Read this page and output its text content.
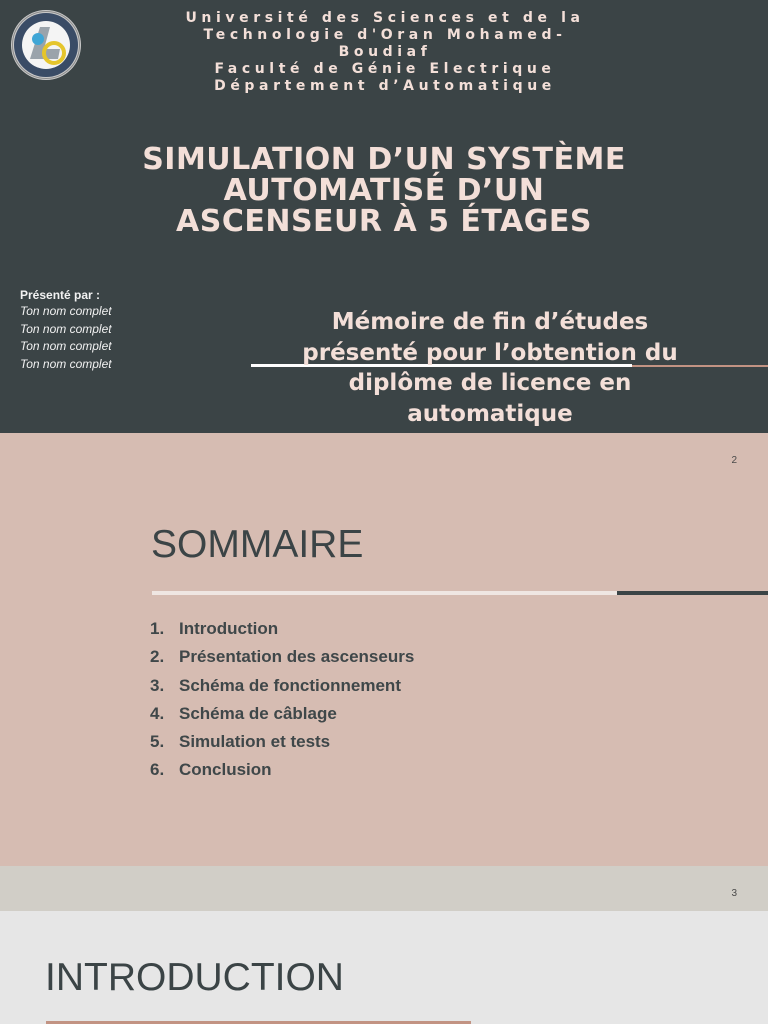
Université des Sciences et de la
Technologie d'Oran Mohamed-
Boudiaf
Faculté de Génie Electrique
Département d’Automatique
SIMULATION D’UN SYSTÈME
AUTOMATISÉ D’UN
ASCENSEUR À 5 ÉTAGES
Présenté par :
Ton nom complet
Ton nom complet
Ton nom complet
Ton nom complet
Mémoire de fin d’études
présenté pour l’obtention du
diplôme de licence en
automatique
2
SOMMAIRE
1. Introduction
2. Présentation des ascenseurs
3. Schéma de fonctionnement
4. Schéma de câblage
5. Simulation et tests
6. Conclusion
3
INTRODUCTION
